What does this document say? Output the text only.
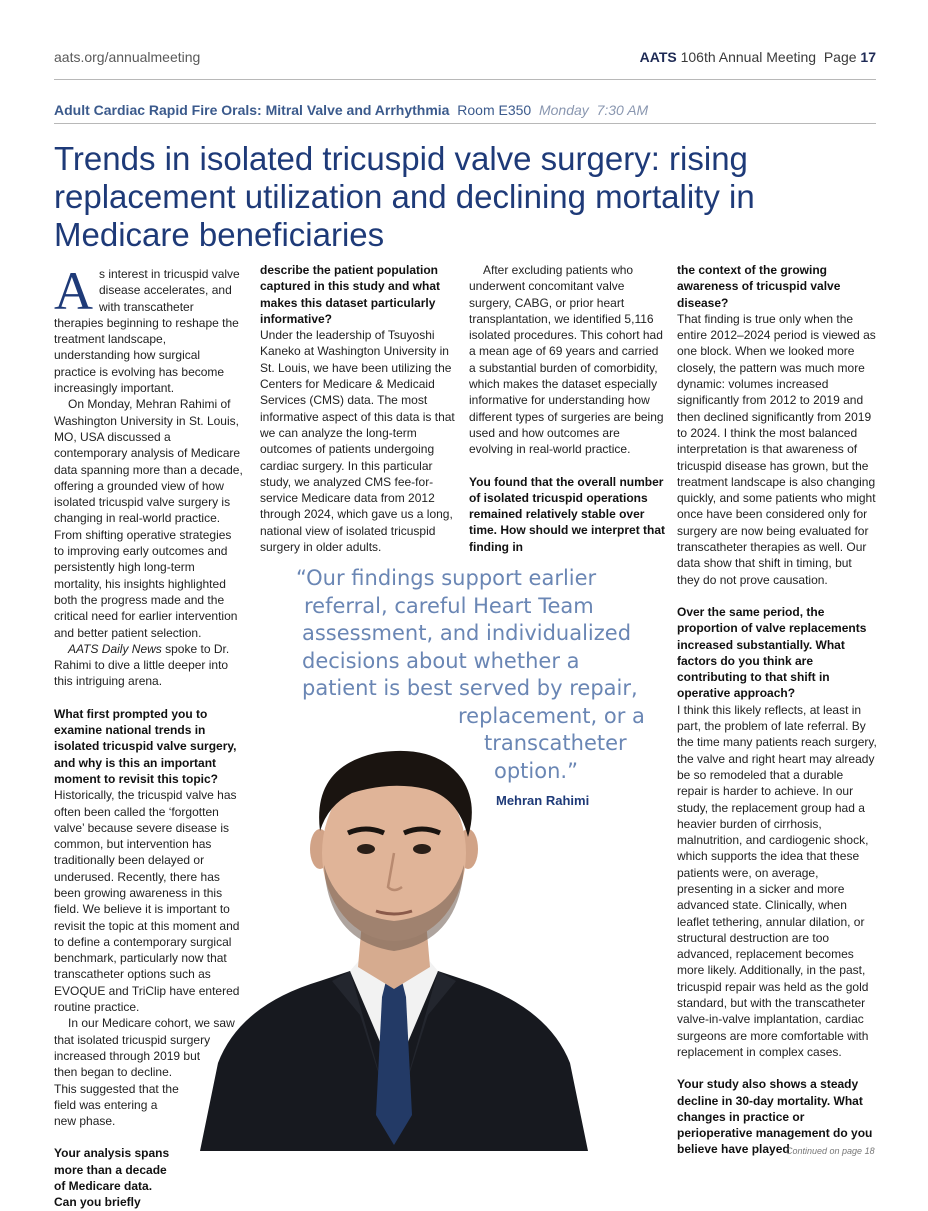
aats.org/annualmeeting	AATS 106th Annual Meeting  Page 17
Adult Cardiac Rapid Fire Orals: Mitral Valve and Arrhythmia Room E350 Monday  7:30 AM
Trends in isolated tricuspid valve surgery: rising replacement utilization and declining mortality in Medicare beneficiaries

As interest in tricuspid valve disease accelerates, and with transcatheter therapies beginning to reshape the treatment landscape, understanding how surgical practice is evolving has become increasingly important.

On Monday, Mehran Rahimi of Washington University in St. Louis, MO, USA discussed a contemporary analysis of Medicare data spanning more than a decade, offering a grounded view of how isolated tricuspid valve surgery is changing in real-world practice. From shifting operative strategies to improving early outcomes and persistently high long-term mortality, his insights highlighted both the progress made and the critical need for earlier intervention and better patient selection.

AATS Daily News spoke to Dr. Rahimi to dive a little deeper into this intriguing arena.

What first prompted you to examine national trends in isolated tricuspid valve surgery, and why is this an important moment to revisit this topic?

Historically, the tricuspid valve has often been called the ‘forgotten valve’ because severe disease is common, but intervention has traditionally been delayed or underused. Recently, there has been growing awareness in this field. We believe it is important to revisit the topic at this moment and to define a contemporary surgical benchmark, particularly now that transcatheter options such as EVOQUE and TriClip have entered routine practice.

In our Medicare cohort, we saw
that isolated tricuspid surgery
increased through 2019 but
then began to decline.
This suggested that the
field was entering a
new phase.

Your analysis spans
more than a decade
of Medicare data.
Can you briefly

describe the patient population captured in this study and what makes this dataset particularly informative?

Under the leadership of Tsuyoshi Kaneko at Washington University in St. Louis, we have been utilizing the Centers for Medicare & Medicaid Services (CMS) data. The most informative aspect of this data is that we can analyze the long-term outcomes of patients undergoing cardiac surgery. In this particular study, we analyzed CMS fee-for-service Medicare data from 2012 through 2024, which gave us a long, national view of isolated tricuspid surgery in older adults.

After excluding patients who underwent concomitant valve surgery, CABG, or prior heart transplantation, we identified 5,116 isolated procedures. This cohort had a mean age of 69 years and carried a substantial burden of comorbidity, which makes the dataset especially informative for understanding how different types of surgeries are being used and how outcomes are evolving in real-world practice.

You found that the overall number of isolated tricuspid operations remained relatively stable over time. How should we interpret that finding in

the context of the growing awareness of tricuspid valve disease?

That finding is true only when the entire 2012–2024 period is viewed as one block. When we looked more closely, the pattern was much more dynamic: volumes increased significantly from 2012 to 2019 and then declined significantly from 2019 to 2024. I think the most balanced interpretation is that awareness of tricuspid disease has grown, but the treatment landscape is also changing quickly, and some patients who might once have been considered only for surgery are now being evaluated for transcatheter therapies as well. Our data show that shift in timing, but they do not prove causation.

Over the same period, the proportion of valve replacements increased substantially. What factors do you think are contributing to that shift in operative approach?

I think this likely reflects, at least in part, the problem of late referral. By the time many patients reach surgery, the valve and right heart may already be so remodeled that a durable repair is harder to achieve. In our study, the replacement group had a heavier burden of cirrhosis, malnutrition, and cardiogenic shock, which supports the idea that these patients were, on average, presenting in a sicker and more advanced state. Clinically, when leaflet tethering, annular dilation, or structural destruction are too advanced, replacement becomes more likely. Additionally, in the past, tricuspid repair was held as the gold standard, but with the transcatheter valve-in-valve implantation, cardiac surgeons are more comfortable with replacement in complex cases.

Your study also shows a steady decline in 30-day mortality. What changes in practice or perioperative management do you believe have played

“Our findings support earlier
referral, careful Heart Team
assessment, and individualized
decisions about whether a
patient is best served by repair,
replacement, or a
transcatheter
option.”
Mehran Rahimi
Continued on page 18
